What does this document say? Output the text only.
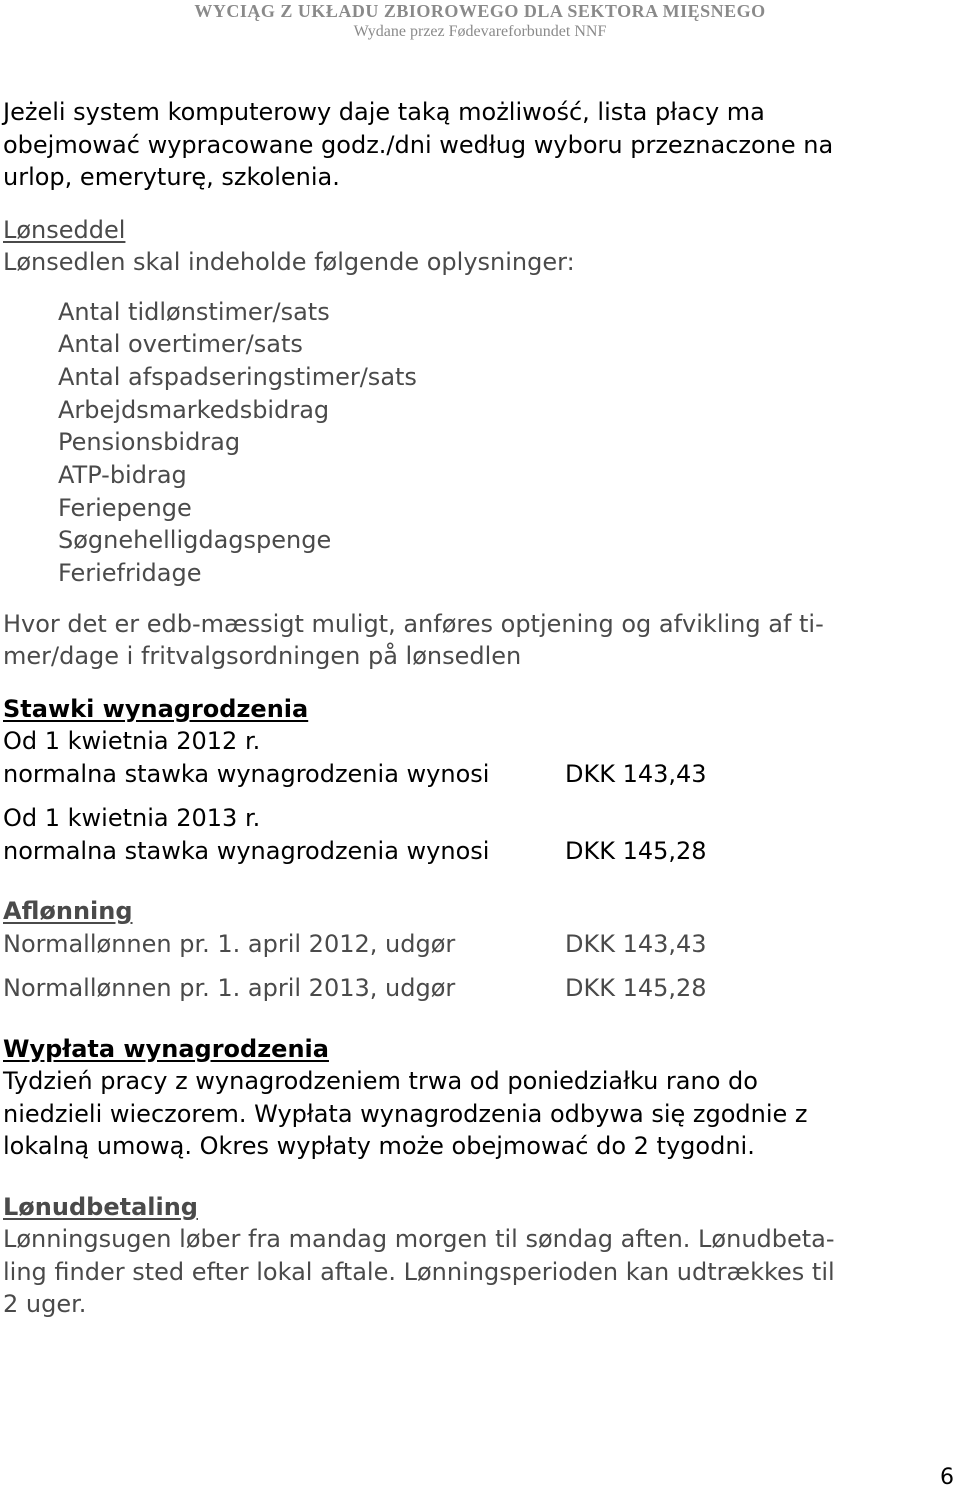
WYCIĄG Z UKŁADU ZBIOROWEGO DLA SEKTORA MIĘSNEGO
Wydane przez Fødevareforbundet NNF

Jeżeli system komputerowy daje taką możliwość, lista płacy ma
obejmować wypracowane godz./dni według wyboru przeznaczone na
urlop, emeryturę, szkolenia.

Lønseddel

Lønsedlen skal indeholde følgende oplysninger:

Antal tidlønstimer/sats
Antal overtimer/sats
Antal afspadseringstimer/sats
Arbejdsmarkedsbidrag
Pensionsbidrag
ATP-bidrag
Feriepenge
Søgnehelligdagspenge
Feriefridage

Hvor det er edb-mæssigt muligt, anføres optjening og afvikling af ti-
mer/dage i fritvalgsordningen på lønsedlen

Stawki wynagrodzenia

Od 1 kwietnia 2012 r.

normalna stawka wynagrodzenia wynosi	DKK 143,43

Od 1 kwietnia 2013 r.

normalna stawka wynagrodzenia wynosi	DKK 145,28

Aflønning

Normallønnen pr. 1. april 2012, udgør	DKK 143,43
Normallønnen pr. 1. april 2013, udgør	DKK 145,28

Wypłata wynagrodzenia

Tydzień pracy z wynagrodzeniem trwa od poniedziałku rano do
niedzieli wieczorem. Wypłata wynagrodzenia odbywa się zgodnie z
lokalną umową. Okres wypłaty może obejmować do 2 tygodni.

Lønudbetaling

Lønningsugen løber fra mandag morgen til søndag aften. Lønudbeta-
ling finder sted efter lokal aftale. Lønningsperioden kan udtrækkes til
2 uger.

6
